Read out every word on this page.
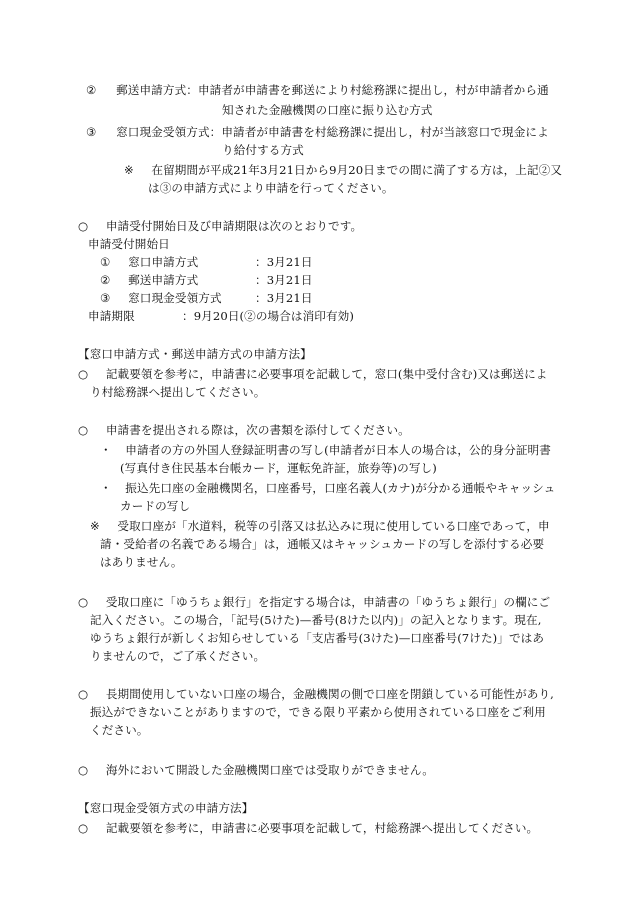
② 郵送申請方式：申請者が申請書を郵送により村総務課に提出し，村が申請者から通
知された金融機関の口座に振り込む方式
③ 窓口現金受領方式：申請者が申請書を村総務課に提出し，村が当該窓口で現金によ
り給付する方式
※ 在留期間が平成21年3月21日から9月20日までの間に満了する方は，上記②又
は③の申請方式により申請を行ってください。
○ 申請受付開始日及び申請期限は次のとおりです。
申請受付開始日
① 窓口申請方式	：3月21日
② 郵送申請方式	：3月21日
③ 窓口現金受領方式	：3月21日
申請期限	：9月20日(②の場合は消印有効)
【窓口申請方式・郵送申請方式の申請方法】
○ 記載要領を参考に，申請書に必要事項を記載して，窓口(集中受付含む)又は郵送によ
り村総務課へ提出してください。
○ 申請書を提出される際は，次の書類を添付してください。
・ 申請者の方の外国人登録証明書の写し(申請者が日本人の場合は，公的身分証明書
(写真付き住民基本台帳カード，運転免許証，旅券等)の写し)
・ 振込先口座の金融機関名，口座番号，口座名義人(カナ)が分かる通帳やキャッシュ
カードの写し
※ 受取口座が「水道料，税等の引落又は払込みに現に使用している口座であって，申
請・受給者の名義である場合」は，通帳又はキャッシュカードの写しを添付する必要
はありません。
○ 受取口座に「ゆうちょ銀行」を指定する場合は，申請書の「ゆうちょ銀行」の欄にご
記入ください。この場合，「記号(5けた)—番号(8けた以内)」の記入となります。現在,
ゆうちょ銀行が新しくお知らせしている「支店番号(3けた)—口座番号(7けた)」ではあ
りませんので，ご了承ください。
○ 長期間使用していない口座の場合，金融機関の側で口座を閉鎖している可能性があり,
振込ができないことがありますので，できる限り平素から使用されている口座をご利用
ください。
○ 海外において開設した金融機関口座では受取りができません。
【窓口現金受領方式の申請方法】
○ 記載要領を参考に，申請書に必要事項を記載して，村総務課へ提出してください。
